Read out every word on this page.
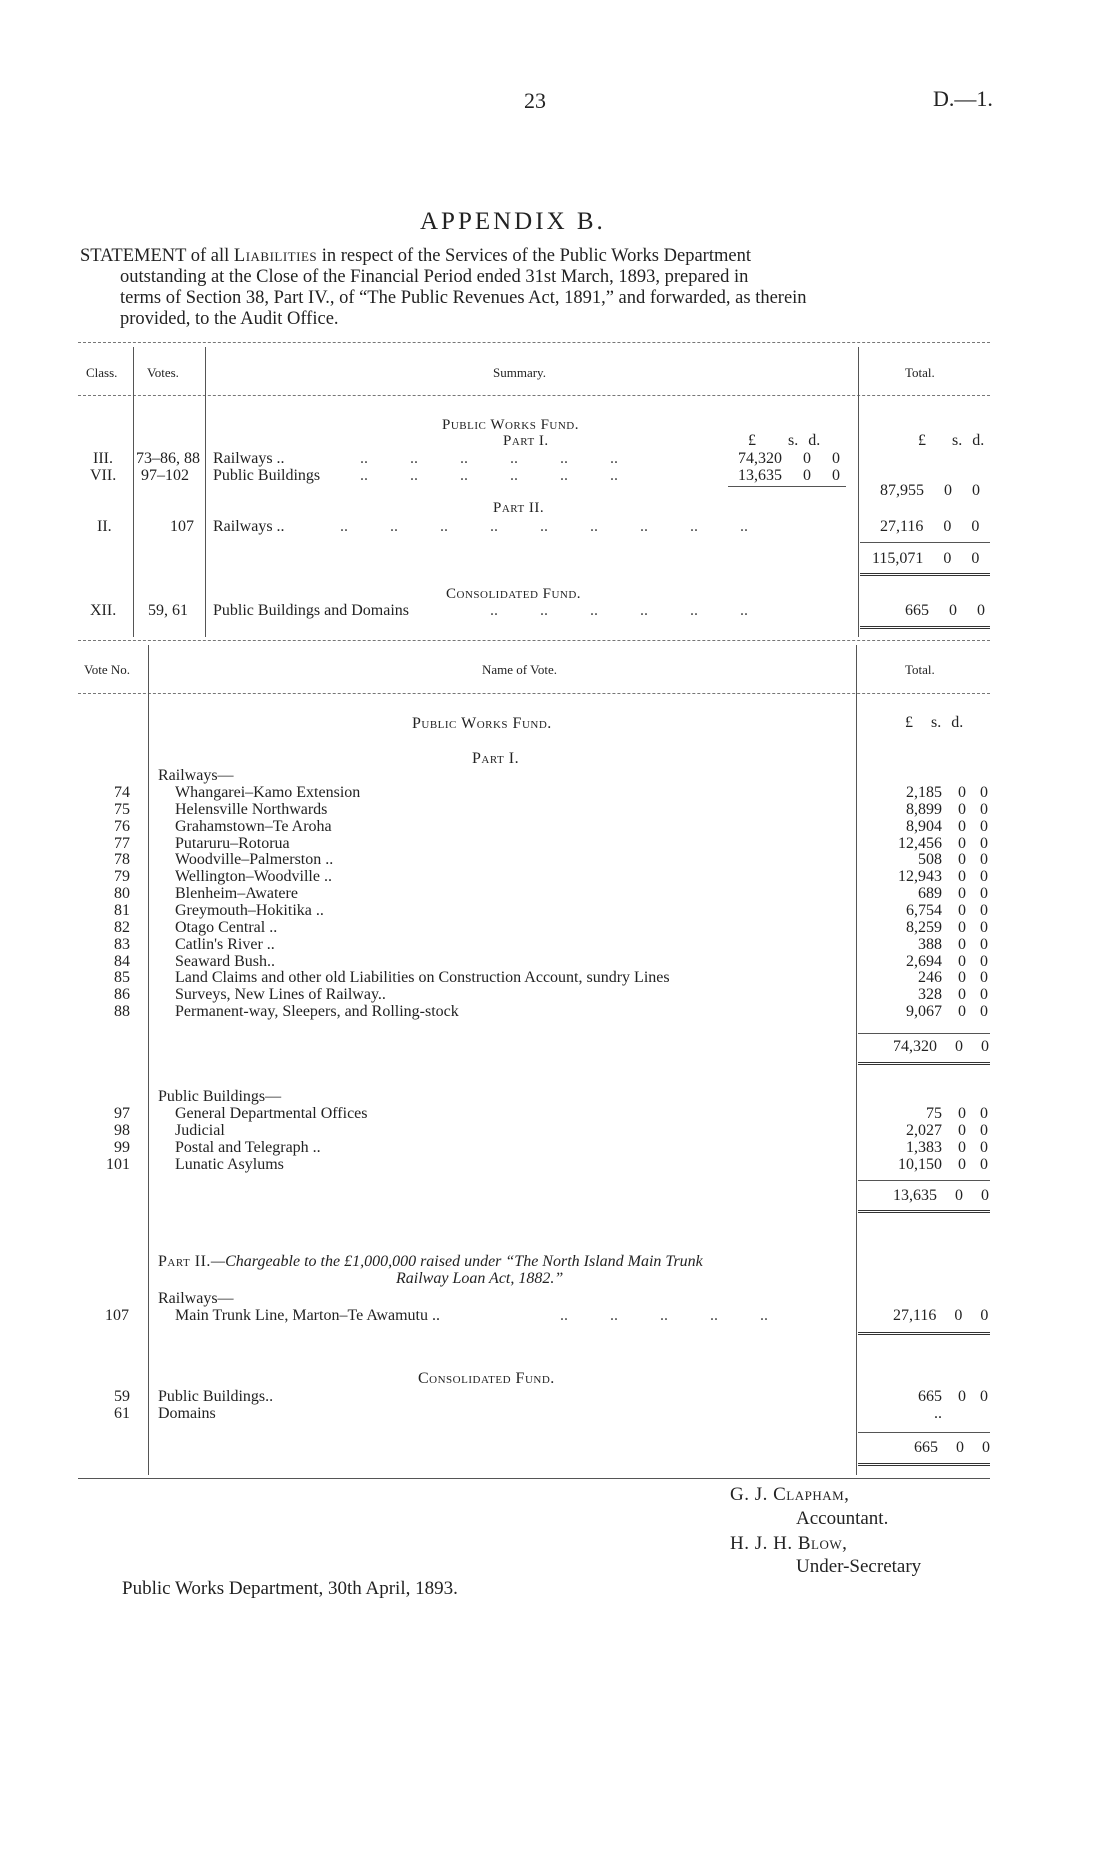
23	D.—1.
APPENDIX B.
STATEMENT of all Liabilities in respect of the Services of the Public Works Department
outstanding at the Close of the Financial Period ended 31st March, 1893, prepared in
terms of Section 38, Part IV., of “The Public Revenues Act, 1891,” and forwarded, as therein
provided, to the Audit Office.
Class. Votes.	Summary.	Total.
Public Works Fund.
Part I.	£ s. d.	£ s. d.
III. 73–86, 88 Railways ..	.. .. .. .. .. ..	74,320 0 0
VII. 97–102 Public Buildings .. .. .. .. .. ..	13,635 0 0
87,955 0 0
Part II.
II.	107 Railways ..	.. .. .. .. .. .. .. .. ..	27,116 0 0
115,071 0 0
Consolidated Fund.
XII. 59, 61 Public Buildings and Domains	.. .. .. .. .. ..	665 0 0
Vote No.	Name of Vote.	Total.
Public Works Fund.	£ s. d.
Part I.
Railways—
74	Whangarei–Kamo Extension	2,185 0 0
75	Helensville Northwards	8,899 0 0
76	Grahamstown–Te Aroha	8,904 0 0
77	Putaruru–Rotorua	12,456 0 0
78	Woodville–Palmerston ..	508 0 0
79	Wellington–Woodville ..	12,943 0 0
80	Blenheim–Awatere	689 0 0
81	Greymouth–Hokitika ..	6,754 0 0
82	Otago Central ..	8,259 0 0
83	Catlin's River ..	388 0 0
84	Seaward Bush..	2,694 0 0
85	Land Claims and other old Liabilities on Construction Account, sundry Lines	246 0 0
86	Surveys, New Lines of Railway..	328 0 0
88	Permanent-way, Sleepers, and Rolling-stock	9,067 0 0
74,320 0 0
Public Buildings—
97	General Departmental Offices	75 0 0
98	Judicial	2,027 0 0
99	Postal and Telegraph ..	1,383 0 0
101	Lunatic Asylums	10,150 0 0
13,635 0 0
Part II.—Chargeable to the £1,000,000 raised under “The North Island Main Trunk
Railway Loan Act, 1882.”
Railways—
107	Main Trunk Line, Marton–Te Awamutu ..	.. .. .. .. ..	27,116 0 0
Consolidated Fund.
59 Public Buildings..	665 0 0
61 Domains	..
665 0 0
G. J. Clapham,
Accountant.
H. J. H. Blow,
Under-Secretary
Public Works Department, 30th April, 1893.
